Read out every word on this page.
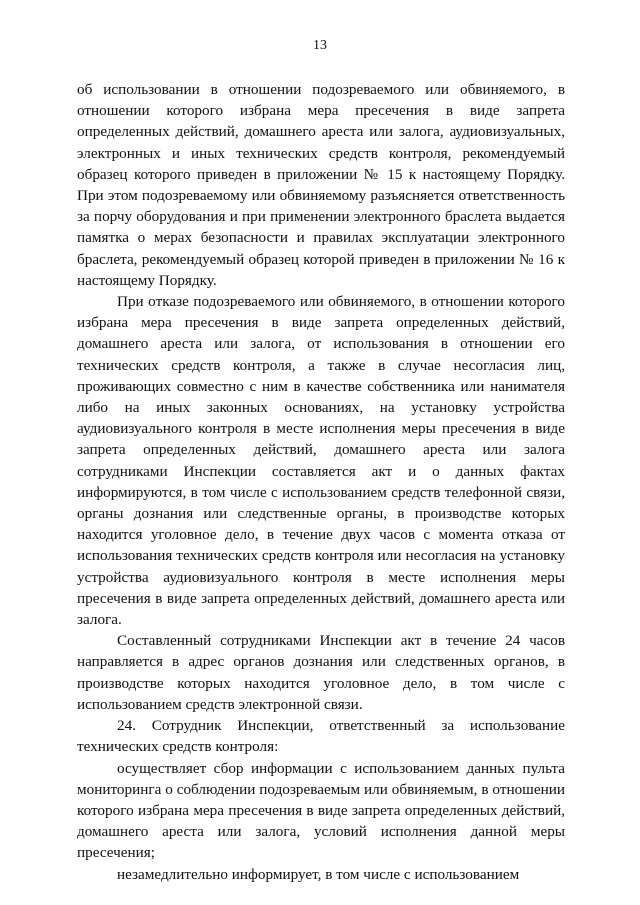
13

об использовании в отношении подозреваемого или обвиняемого, в отношении которого избрана мера пресечения в виде запрета определенных действий, домашнего ареста или залога, аудиовизуальных, электронных и иных технических средств контроля, рекомендуемый образец которого приведен в приложении № 15 к настоящему Порядку. При этом подозреваемому или обвиняемому разъясняется ответственность за порчу оборудования и при применении электронного браслета выдается памятка о мерах безопасности и правилах эксплуатации электронного браслета, рекомендуемый образец которой приведен в приложении № 16 к настоящему Порядку.

При отказе подозреваемого или обвиняемого, в отношении которого избрана мера пресечения в виде запрета определенных действий, домашнего ареста или залога, от использования в отношении его технических средств контроля, а также в случае несогласия лиц, проживающих совместно с ним в качестве собственника или нанимателя либо на иных законных основаниях, на установку устройства аудиовизуального контроля в месте исполнения меры пресечения в виде запрета определенных действий, домашнего ареста или залога сотрудниками Инспекции составляется акт и о данных фактах информируются, в том числе с использованием средств телефонной связи, органы дознания или следственные органы, в производстве которых находится уголовное дело, в течение двух часов с момента отказа от использования технических средств контроля или несогласия на установку устройства аудиовизуального контроля в месте исполнения меры пресечения в виде запрета определенных действий, домашнего ареста или залога.

Составленный сотрудниками Инспекции акт в течение 24 часов направляется в адрес органов дознания или следственных органов, в производстве которых находится уголовное дело, в том числе с использованием средств электронной связи.

24. Сотрудник Инспекции, ответственный за использование технических средств контроля:

осуществляет сбор информации с использованием данных пульта мониторинга о соблюдении подозреваемым или обвиняемым, в отношении которого избрана мера пресечения в виде запрета определенных действий, домашнего ареста или залога, условий исполнения данной меры пресечения;

незамедлительно информирует, в том числе с использованием
